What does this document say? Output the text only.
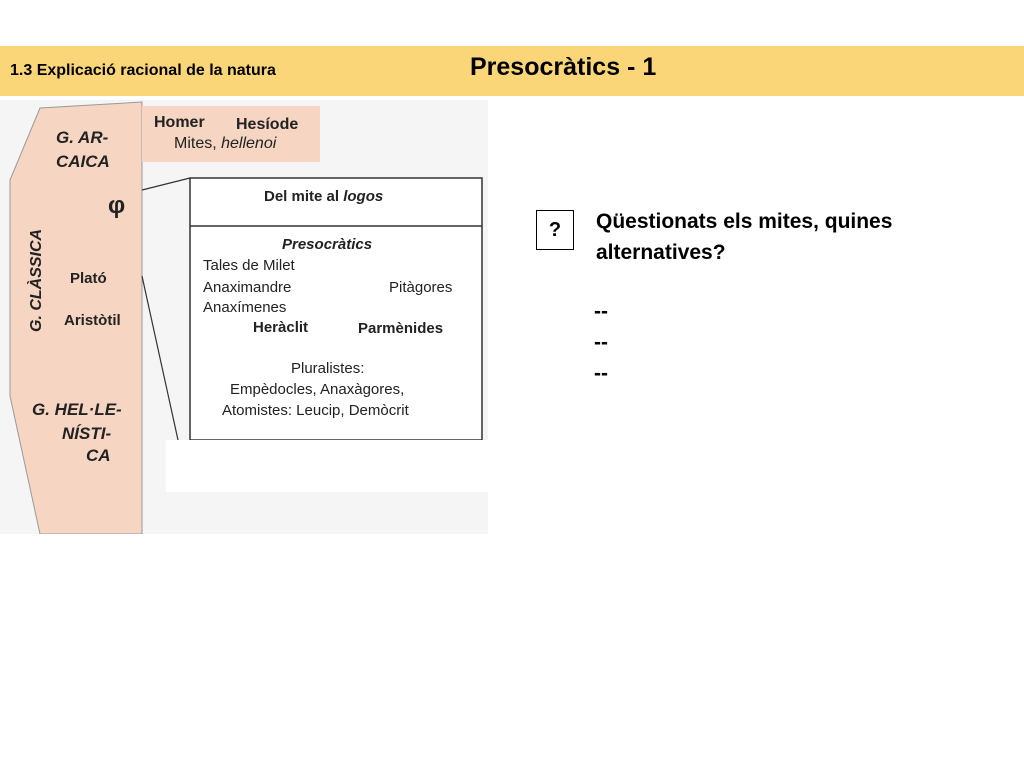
1.3 Explicació racional de la natura	Presocràtics - 1
G. AR-
CAICA
φ
G. CLÀSSICA Plató
Aristòtil
G. HEL·LE-
NÍSTI-
CA
Homer Hesíode
Mites, hellenoi
Del mite al logos
Presocràtics
Tales de Milet
Anaximandre	Pitàgores
Anaxímenes
Heràclit	Parmènides
Pluralistes:
Empèdocles, Anaxàgores,
Atomistes: Leucip, Demòcrit
?	Qüestionats els mites, quines alternatives?
--
--
--
